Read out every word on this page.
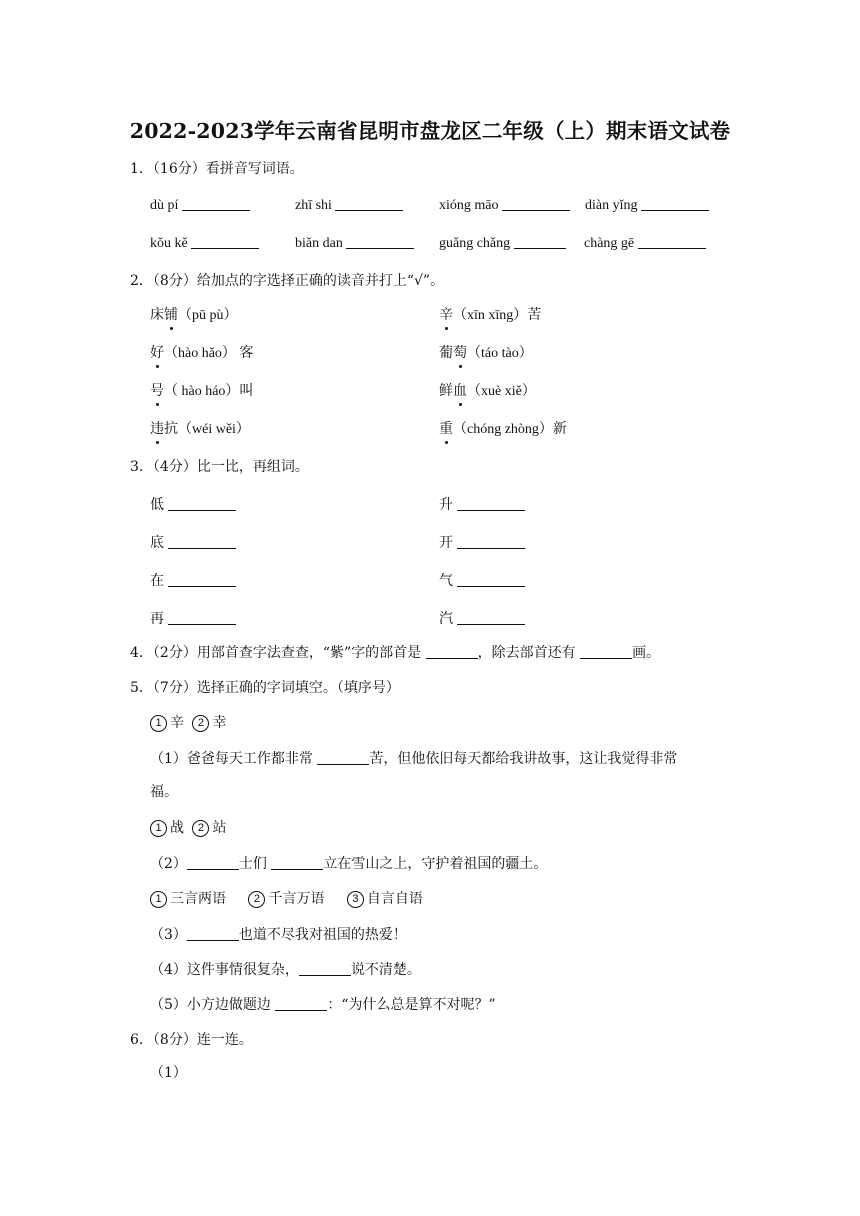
2022-2023学年云南省昆明市盘龙区二年级（上）期末语文试卷
1．（16分）看拼音写词语。
dù pí	zhī shi	xióng māo	diàn yǐng
kǒu kě	biǎn dan	guǎng chǎng	chàng gē
2．（8分）给加点的字选择正确的读音并打上“√”。
床铺（pū pù）	辛（xīn xīng）苦
好（hào hǎo） 客	葡萄（táo tào）
号（ hào háo）叫	鲜血（xuè xiě）
违抗（wéi wěi）	重（chóng zhòng）新
3．（4分）比一比，再组词。
低	升
底	开
在	气
再	汽
4．（2分）用部首查字法查查，“紫”字的部首是	，除去部首还有	画。
5．（7分）选择正确的字词填空。（填序号）
1 辛 2 幸
（1）爸爸每天工作都非常	苦，但他依旧每天都给我讲故事，这让我觉得非常
福。
1 战 2 站
（2）	士们	立在雪山之上，守护着祖国的疆土。
1 三言两语	2 千言万语	3 自言自语
（3）	也道不尽我对祖国的热爱！
（4）这件事情很复杂，	说不清楚。
（5）小方边做题边	：“为什么总是算不对呢？”
6．（8分）连一连。
（1）
